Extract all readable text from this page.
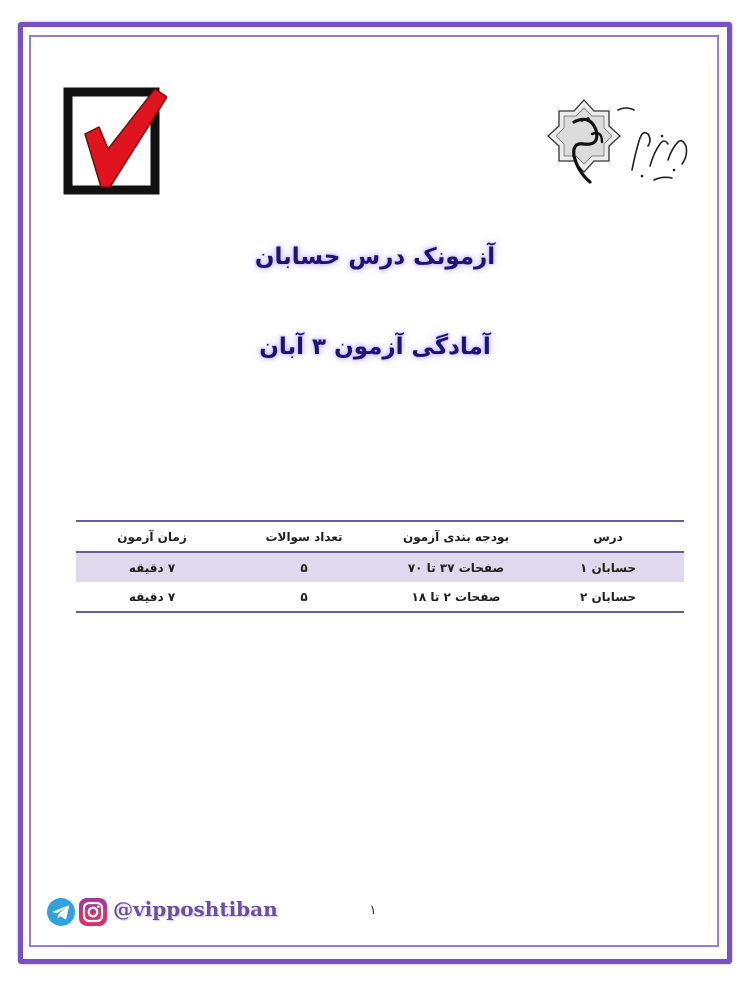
آزمونک درس حسابان
آمادگی آزمون ۳ آبان
درس	بودجه بندی آزمون	تعداد سوالات	زمان آزمون
حسابان ۱	صفحات ۳۷ تا ۷۰	۵	۷ دقیقه
حسابان ۲	صفحات ۲ تا ۱۸	۵	۷ دقیقه
@vipposhtiban	۱
